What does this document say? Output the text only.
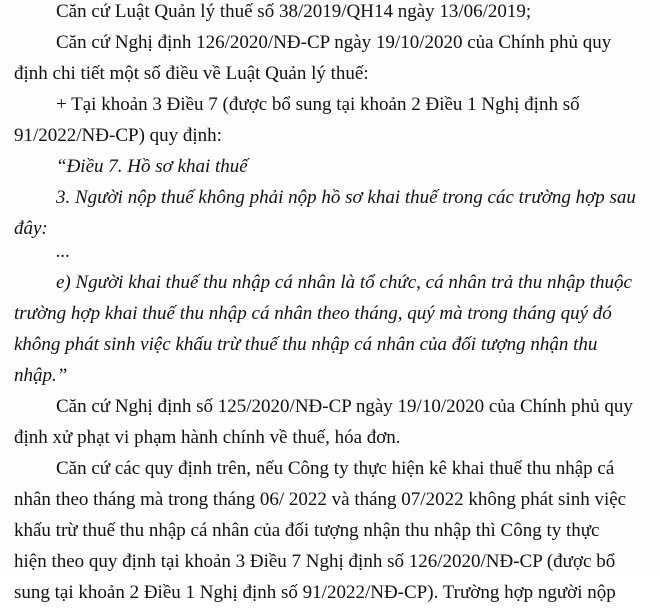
Căn cứ Luật Quản lý thuế số 38/2019/QH14 ngày 13/06/2019;
Căn cứ Nghị định 126/2020/NĐ-CP ngày 19/10/2020 của Chính phủ quy
định chi tiết một số điều về Luật Quản lý thuế:
+ Tại khoản 3 Điều 7 (được bổ sung tại khoản 2 Điều 1 Nghị định số
91/2022/NĐ-CP) quy định:
“Điều 7. Hồ sơ khai thuế
3. Người nộp thuế không phải nộp hồ sơ khai thuế trong các trường hợp sau
đây:
...
e) Người khai thuế thu nhập cá nhân là tổ chức, cá nhân trả thu nhập thuộc
trường hợp khai thuế thu nhập cá nhân theo tháng, quý mà trong tháng quý đó
không phát sinh việc khấu trừ thuế thu nhập cá nhân của đối tượng nhận thu
nhập.”
Căn cứ Nghị định số 125/2020/NĐ-CP ngày 19/10/2020 của Chính phủ quy
định xử phạt vi phạm hành chính về thuế, hóa đơn.
Căn cứ các quy định trên, nếu Công ty thực hiện kê khai thuế thu nhập cá
nhân theo tháng mà trong tháng 06/ 2022 và tháng 07/2022 không phát sinh việc
khấu trừ thuế thu nhập cá nhân của đối tượng nhận thu nhập thì Công ty thực
hiện theo quy định tại khoản 3 Điều 7 Nghị định số 126/2020/NĐ-CP (được bổ
sung tại khoản 2 Điều 1 Nghị định số 91/2022/NĐ-CP). Trường hợp người nộp
